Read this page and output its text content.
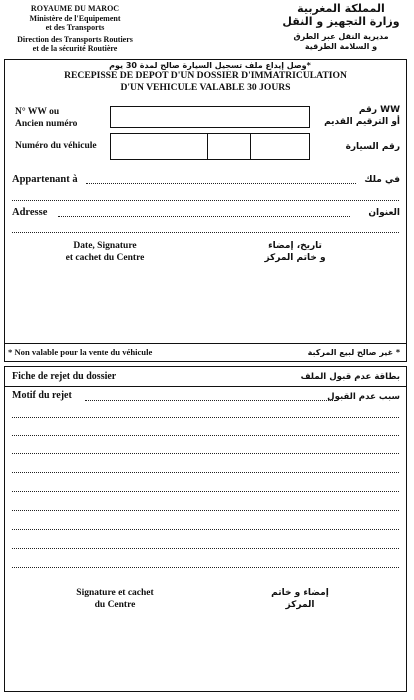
ROYAUME DU MAROC
Ministère de l'Equipement
et des Transports
Direction des Transports Routiers
et de la sécurité Routière
المملكة المغربية
وزارة التجهيز و النقل
مديرية النقل عبر الطرق
و السلامة الطرقية
*وصل إيداع ملف تسجيل السيارة صالح لمدة 30 يوم
RECEPISSE DE DEPOT D'UN DOSSIER D'IMMATRICULATION
D'UN VEHICULE VALABLE 30 JOURS
N° WW ou
Ancien numéro
WW رقم
أو الترقيم القديم
Numéro du véhicule	رقم السيارة
Appartenant à	في ملك
Adresse	العنوان
Date, Signature
et cachet du Centre
تاريخ، إمضاء
و خاتم المركز
* Non valable pour la vente du véhicule	* غير صالح لبيع المركبة
Fiche de rejet du dossier	بطاقة عدم قبول الملف
Motif du rejet	سبب عدم القبول
Signature et cachet
du Centre
إمضاء و خاتم
المركز
